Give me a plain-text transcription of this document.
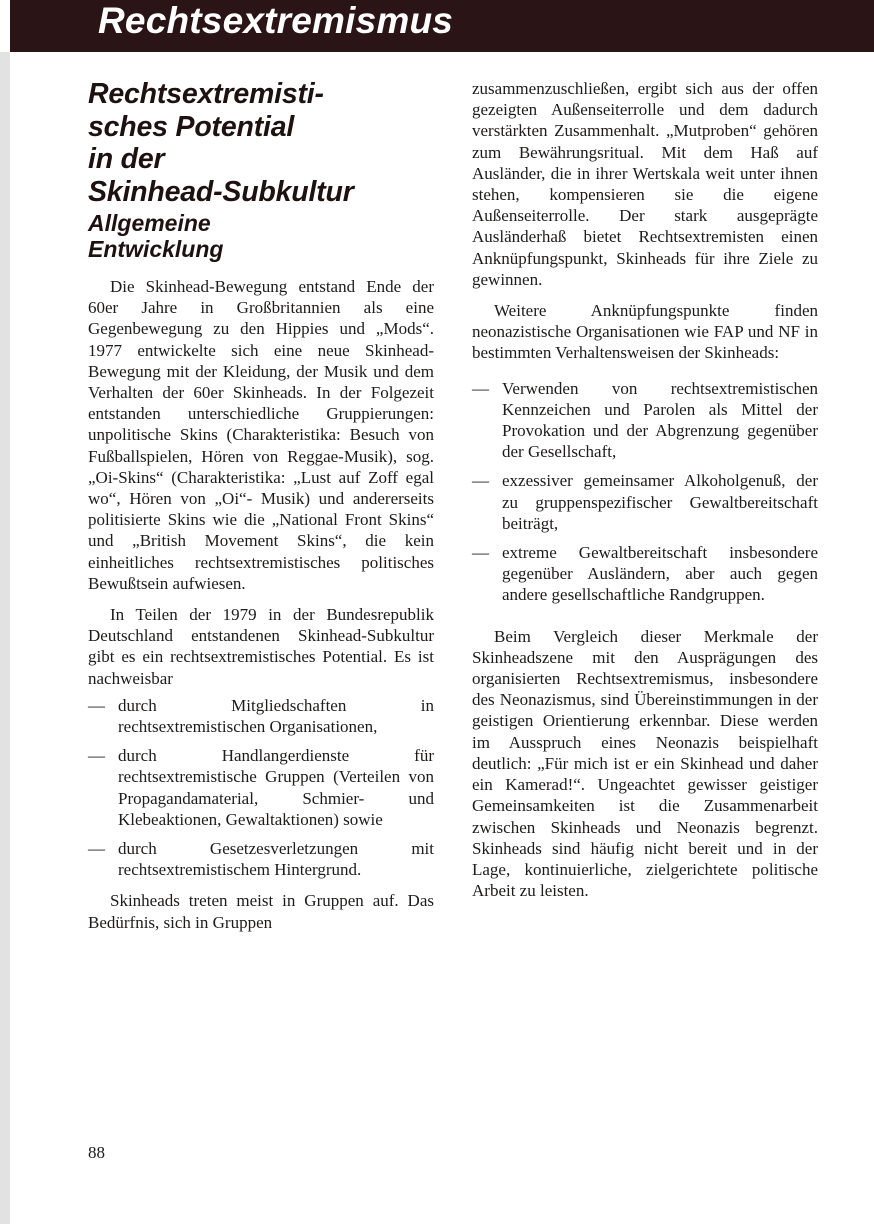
Rechtsextremismus
Rechtsextremisti-
sches Potential
in der
Skinhead-Subkultur
Allgemeine
Entwicklung

Die Skinhead-Bewegung entstand Ende der 60er Jahre in Großbritannien als eine Gegenbewegung zu den Hippies und „Mods“. 1977 entwickelte sich eine neue Skinhead-Bewegung mit der Kleidung, der Musik und dem Verhalten der 60er Skinheads. In der Folgezeit entstanden unterschiedliche Gruppierungen: unpolitische Skins (Charakteristika: Besuch von Fußballspielen, Hören von Reggae-Musik), sog. „Oi-Skins“ (Charakteristika: „Lust auf Zoff egal wo“, Hören von „Oi“- Musik) und andererseits politisierte Skins wie die „National Front Skins“ und „British Movement Skins“, die kein einheitliches rechtsextremistisches politisches Bewußtsein aufwiesen.

In Teilen der 1979 in der Bundesrepublik Deutschland entstandenen Skinhead-Subkultur gibt es ein rechtsextremistisches Potential. Es ist nachweisbar

— durch Mitgliedschaften in rechtsextremistischen Organisationen,
— durch Handlangerdienste für rechtsextremistische Gruppen (Verteilen von Propagandamaterial, Schmier- und Klebeaktionen, Gewaltaktionen) sowie
— durch Gesetzesverletzungen mit rechtsextremistischem Hintergrund.

Skinheads treten meist in Gruppen auf. Das Bedürfnis, sich in Gruppen

zusammenzuschließen, ergibt sich aus der offen gezeigten Außenseiterrolle und dem dadurch verstärkten Zusammenhalt. „Mutproben“ gehören zum Bewährungsritual. Mit dem Haß auf Ausländer, die in ihrer Wertskala weit unter ihnen stehen, kompensieren sie die eigene Außenseiterrolle. Der stark ausgeprägte Ausländerhaß bietet Rechtsextremisten einen Anknüpfungspunkt, Skinheads für ihre Ziele zu gewinnen.

Weitere Anknüpfungspunkte finden neonazistische Organisationen wie FAP und NF in bestimmten Verhaltensweisen der Skinheads:

— Verwenden von rechtsextremistischen Kennzeichen und Parolen als Mittel der Provokation und der Abgrenzung gegenüber der Gesellschaft,
— exzessiver gemeinsamer Alkoholgenuß, der zu gruppenspezifischer Gewaltbereitschaft beiträgt,
— extreme Gewaltbereitschaft insbesondere gegenüber Ausländern, aber auch gegen andere gesellschaftliche Randgruppen.

Beim Vergleich dieser Merkmale der Skinheadszene mit den Ausprägungen des organisierten Rechtsextremismus, insbesondere des Neonazismus, sind Übereinstimmungen in der geistigen Orientierung erkennbar. Diese werden im Ausspruch eines Neonazis beispielhaft deutlich: „Für mich ist er ein Skinhead und daher ein Kamerad!“. Ungeachtet gewisser geistiger Gemeinsamkeiten ist die Zusammenarbeit zwischen Skinheads und Neonazis begrenzt. Skinheads sind häufig nicht bereit und in der Lage, kontinuierliche, zielgerichtete politische Arbeit zu leisten.

88
